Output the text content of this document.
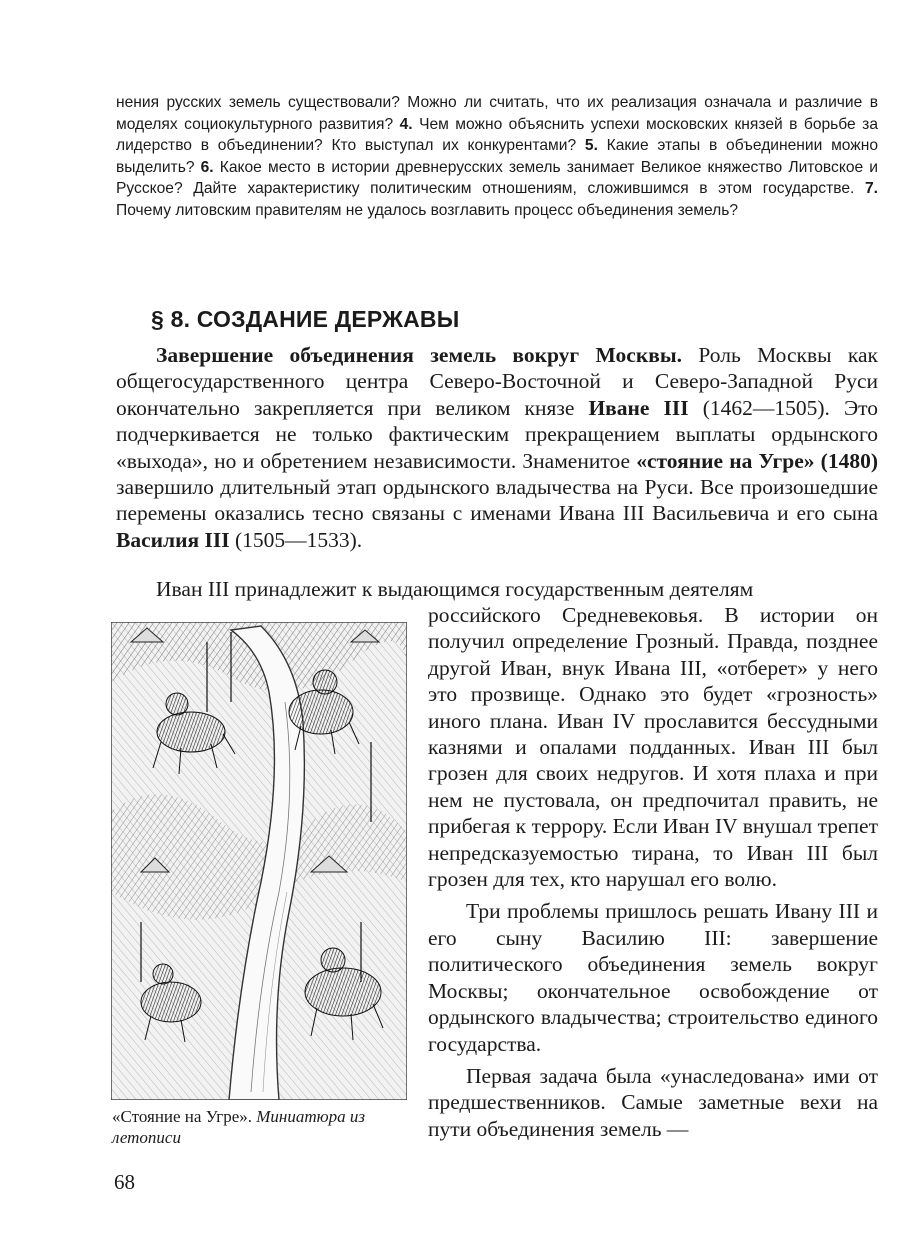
нения русских земель существовали? Можно ли считать, что их реализация означала и различие в моделях социокультурного развития? 4. Чем можно объяснить успехи московских князей в борьбе за лидерство в объединении? Кто выступал их конкурентами? 5. Какие этапы в объединении можно выделить? 6. Какое место в истории древнерусских земель занимает Великое княжество Литовское и Русское? Дайте характеристику политическим отношениям, сложившимся в этом государстве. 7. Почему литовским правителям не удалось возглавить процесс объединения земель?

§ 8. СОЗДАНИЕ ДЕРЖАВЫ

Завершение объединения земель вокруг Москвы. Роль Москвы как общегосударственного центра Северо-Восточной и Северо-Западной Руси окончательно закрепляется при великом князе Иване III (1462—1505). Это подчеркивается не только фактическим прекращением выплаты ордынского «выхода», но и обретением независимости. Знаменитое «стояние на Угре» (1480) завершило длительный этап ордынского владычества на Руси. Все произошедшие перемены оказались тесно связаны с именами Ивана III Васильевича и его сына Василия III (1505—1533).

Иван III принадлежит к выдающимся государственным деятелям

российского Средневековья. В истории он получил определение Грозный. Правда, позднее другой Иван, внук Ивана III, «отберет» у него это прозвище. Однако это будет «грозность» иного плана. Иван IV прославится бессудными казнями и опалами подданных. Иван III был грозен для своих недругов. И хотя плаха и при нем не пустовала, он предпочитал править, не прибегая к террору. Если Иван IV внушал трепет непредсказуемостью тирана, то Иван III был грозен для тех, кто нарушал его волю.

Три проблемы пришлось решать Ивану III и его сыну Василию III: завершение политического объединения земель вокруг Москвы; окончательное освобождение от ордынского владычества; строительство единого государства.

Первая задача была «унаследована» ими от предшественников. Самые заметные вехи на пути объединения земель —

«Стояние на Угре». Миниатюра из летописи

68
